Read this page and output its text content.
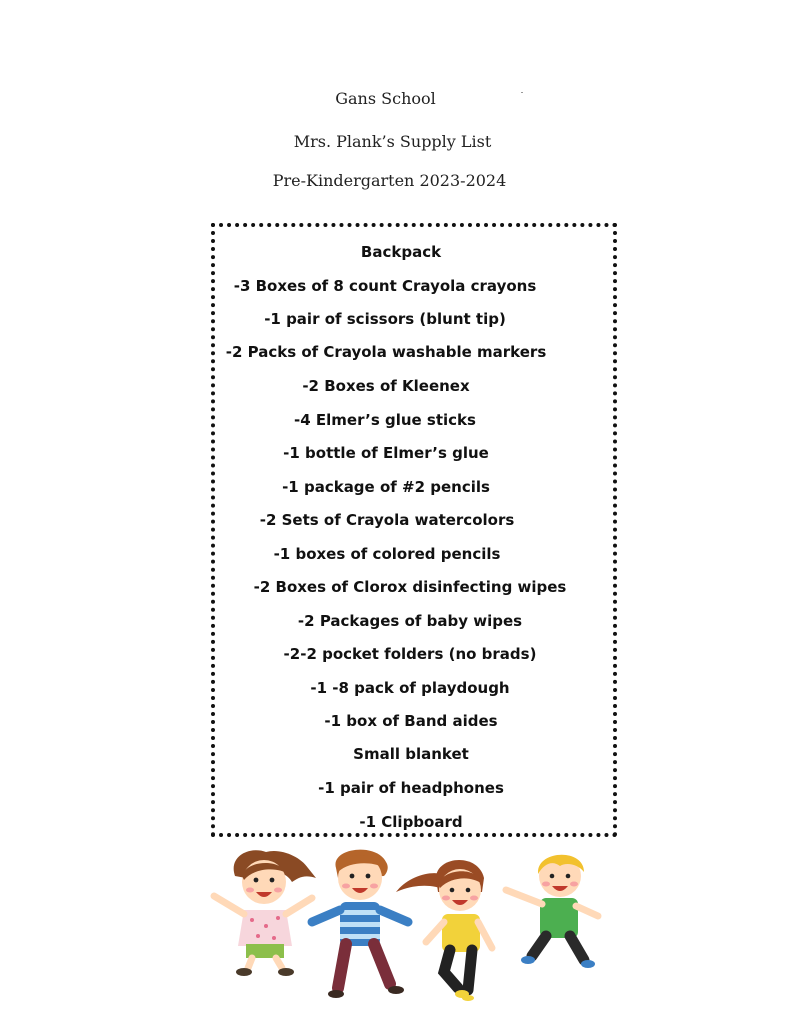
Gans School
Mrs. Plank’s Supply List
Pre-Kindergarten 2023-2024
Backpack
-3 Boxes of 8 count Crayola crayons
-1 pair of scissors (blunt tip)
-2 Packs of Crayola washable markers
-2 Boxes of Kleenex
-4 Elmer’s glue sticks
-1 bottle of Elmer’s glue
-1 package of #2 pencils
-2 Sets of Crayola watercolors
-1 boxes of colored pencils
-2 Boxes of Clorox disinfecting wipes
-2 Packages of baby wipes
-2-2 pocket folders (no brads)
-1 -8 pack of playdough
-1 box of Band aides
Small blanket
-1 pair of headphones
-1 Clipboard
